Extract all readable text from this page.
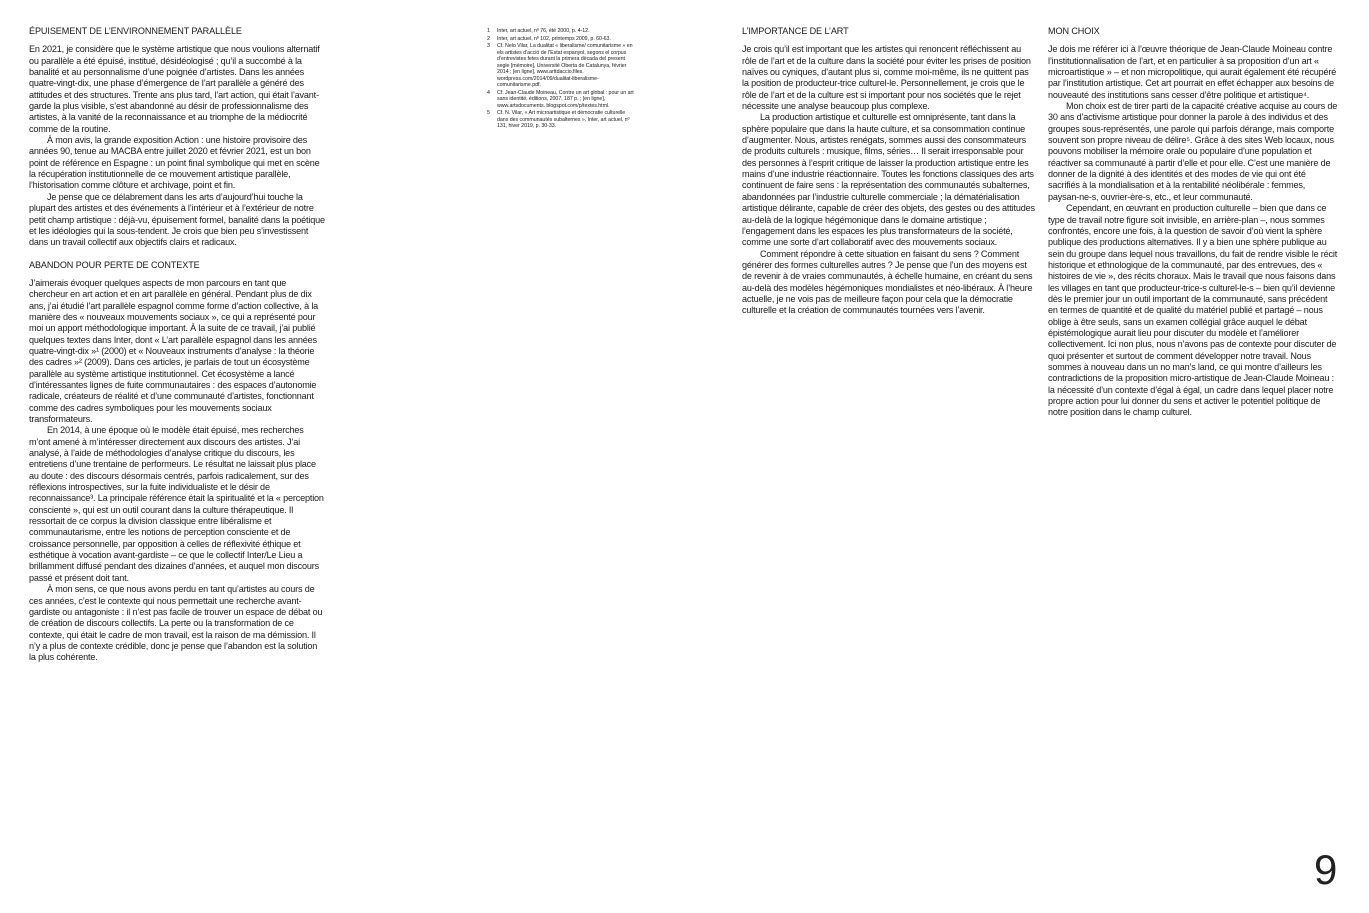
ÉPUISEMENT DE L’ENVIRONNEMENT PARALLÈLE

En 2021, je considère que le système artistique que nous voulions alternatif ou parallèle a été épuisé, institué, désidéologisé ; qu’il a succombé à la banalité et au personnalisme d’une poignée d’artistes. Dans les années quatre-vingt-dix, une phase d’émergence de l’art parallèle a généré des attitudes et des structures. Trente ans plus tard, l’art action, qui était l’avant-garde la plus visible, s’est abandonné au désir de professionnalisme des artistes, à la vanité de la reconnaissance et au triomphe de la médiocrité comme de la routine.

À mon avis, la grande exposition Action : une histoire provisoire des années 90, tenue au MACBA entre juillet 2020 et février 2021, est un bon point de référence en Espagne : un point final symbolique qui met en scène la récupération institutionnelle de ce mouvement artistique parallèle, l’historisation comme clôture et archivage, point et fin.

Je pense que ce délabrement dans les arts d’aujourd’hui touche la plupart des artistes et des événements à l’intérieur et à l’extérieur de notre petit champ artistique : déjà-vu, épuisement formel, banalité dans la poétique et les idéologies qui la sous-tendent. Je crois que bien peu s’investissent dans un travail collectif aux objectifs clairs et radicaux.

ABANDON POUR PERTE DE CONTEXTE

J’aimerais évoquer quelques aspects de mon parcours en tant que chercheur en art action et en art parallèle en général. Pendant plus de dix ans, j’ai étudié l’art parallèle espagnol comme forme d’action collective, à la manière des « nouveaux mouvements sociaux », ce qui a représenté pour moi un apport méthodologique important. À la suite de ce travail, j’ai publié quelques textes dans Inter, dont « L’art parallèle espagnol dans les années quatre-vingt-dix »¹ (2000) et « Nouveaux instruments d’analyse : la théorie des cadres »² (2009). Dans ces articles, je parlais de tout un écosystème parallèle au système artistique institutionnel. Cet écosystème a lancé d’intéressantes lignes de fuite communautaires : des espaces d’autonomie radicale, créateurs de réalité et d’une communauté d’artistes, fonctionnant comme des cadres symboliques pour les mouvements sociaux transformateurs.

En 2014, à une époque où le modèle était épuisé, mes recherches m’ont amené à m’intéresser directement aux discours des artistes. J’ai analysé, à l’aide de méthodologies d’analyse critique du discours, les entretiens d’une trentaine de performeurs. Le résultat ne laissait plus place au doute : des discours désormais centrés, parfois radicalement, sur des réflexions introspectives, sur la fuite individualiste et le désir de reconnaissance³. La principale référence était la spiritualité et la « perception consciente », qui est un outil courant dans la culture thérapeutique. Il ressortait de ce corpus la division classique entre libéralisme et communautarisme, entre les notions de perception consciente et de croissance personnelle, par opposition à celles de réflexivité éthique et esthétique à vocation avant-gardiste – ce que le collectif Inter/Le Lieu a brillamment diffusé pendant des dizaines d’années, et auquel mon discours passé et présent doit tant.

À mon sens, ce que nous avons perdu en tant qu’artistes au cours de ces années, c’est le contexte qui nous permettait une recherche avant-gardiste ou antagoniste : il n’est pas facile de trouver un espace de débat ou de création de discours collectifs. La perte ou la transformation de ce contexte, qui était le cadre de mon travail, est la raison de ma démission. Il n’y a plus de contexte crédible, donc je pense que l’abandon est la solution la plus cohérente.

1	Inter, art actuel, nº 76, été 2000, p. 4-12.
2	Inter, art actuel, nº 102, printemps 2009, p. 60-63.
3	Cf. Nelo Vilar, La dualitat « liberalisme/ comunitarisme » en els artistes d’acció de l’Estat espanyol, segons el corpus d’entrevistes fetes durant la primera dècada del present segle [mémoire], Université Oberta de Catalunya, février 2014 ; [en ligne], www.arttdaccio.files. wordpress.com/2014/09/dualitat-liberalisme-comunitarisme.pdf.
4	Cf. Jean-Claude Moineau, Contre un art global : pour un art sans identité, éditions, 2007, 187 p. ; [en ligne], www.artsdocuments. blogspot.com/p/textes.html.
5	Cf. N. Vilar, « Art microartistique et démocratie culturelle dans des communautés subalternes », Inter, art actuel, nº 131, hiver 2019, p. 30-33.
L’IMPORTANCE DE L’ART

Je crois qu’il est important que les artistes qui renoncent réfléchissent au rôle de l’art et de la culture dans la société pour éviter les prises de position naïves ou cyniques, d’autant plus si, comme moi-même, ils ne quittent pas la position de producteur-trice culturel-le. Personnellement, je crois que le rôle de l’art et de la culture est si important pour nos sociétés que le rejet nécessite une analyse beaucoup plus complexe.

La production artistique et culturelle est omniprésente, tant dans la sphère populaire que dans la haute culture, et sa consommation continue d’augmenter. Nous, artistes renégats, sommes aussi des consommateurs de produits culturels : musique, films, séries… Il serait irresponsable pour des personnes à l’esprit critique de laisser la production artistique entre les mains d’une industrie réactionnaire. Toutes les fonctions classiques des arts continuent de faire sens : la représentation des communautés subalternes, abandonnées par l’industrie culturelle commerciale ; la dématérialisation artistique délirante, capable de créer des objets, des gestes ou des attitudes au-delà de la logique hégémonique dans le domaine artistique ; l’engagement dans les espaces les plus transformateurs de la société, comme une sorte d’art collaboratif avec des mouvements sociaux.

Comment répondre à cette situation en faisant du sens ? Comment générer des formes culturelles autres ? Je pense que l’un des moyens est de revenir à de vraies communautés, à échelle humaine, en créant du sens au-delà des modèles hégémoniques mondialistes et néo-libéraux. À l’heure actuelle, je ne vois pas de meilleure façon pour cela que la démocratie culturelle et la création de communautés tournées vers l’avenir.

MON CHOIX

Je dois me référer ici à l’œuvre théorique de Jean-Claude Moineau contre l’institutionnalisation de l’art, et en particulier à sa proposition d’un art « microartistique » – et non micropolitique, qui aurait également été récupéré par l’institution artistique. Cet art pourrait en effet échapper aux besoins de nouveauté des institutions sans cesser d’être politique et artistique⁴.

Mon choix est de tirer parti de la capacité créative acquise au cours de 30 ans d’activisme artistique pour donner la parole à des individus et des groupes sous-représentés, une parole qui parfois dérange, mais comporte souvent son propre niveau de délire⁵. Grâce à des sites Web locaux, nous pouvons mobiliser la mémoire orale ou populaire d’une population et réactiver sa communauté à partir d’elle et pour elle. C’est une manière de donner de la dignité à des identités et des modes de vie qui ont été sacrifiés à la mondialisation et à la rentabilité néolibérale : femmes, paysan-ne-s, ouvrier-ère-s, etc., et leur communauté.

Cependant, en œuvrant en production culturelle – bien que dans ce type de travail notre figure soit invisible, en arrière-plan –, nous sommes confrontés, encore une fois, à la question de savoir d’où vient la sphère publique des productions alternatives. Il y a bien une sphère publique au sein du groupe dans lequel nous travaillons, du fait de rendre visible le récit historique et ethnologique de la communauté, par des entrevues, des « histoires de vie », des récits choraux. Mais le travail que nous faisons dans les villages en tant que producteur-trice-s culturel-le-s – bien qu’il devienne dès le premier jour un outil important de la communauté, sans précédent en termes de quantité et de qualité du matériel publié et partagé – nous oblige à être seuls, sans un examen collégial grâce auquel le débat épistémologique aurait lieu pour discuter du modèle et l’améliorer collectivement. Ici non plus, nous n’avons pas de contexte pour discuter de quoi présenter et surtout de comment développer notre travail. Nous sommes à nouveau dans un no man’s land, ce qui montre d’ailleurs les contradictions de la proposition micro-artistique de Jean-Claude Moineau : la nécessité d’un contexte d’égal à égal, un cadre dans lequel placer notre propre action pour lui donner du sens et activer le potentiel politique de notre position dans le champ culturel.

9
